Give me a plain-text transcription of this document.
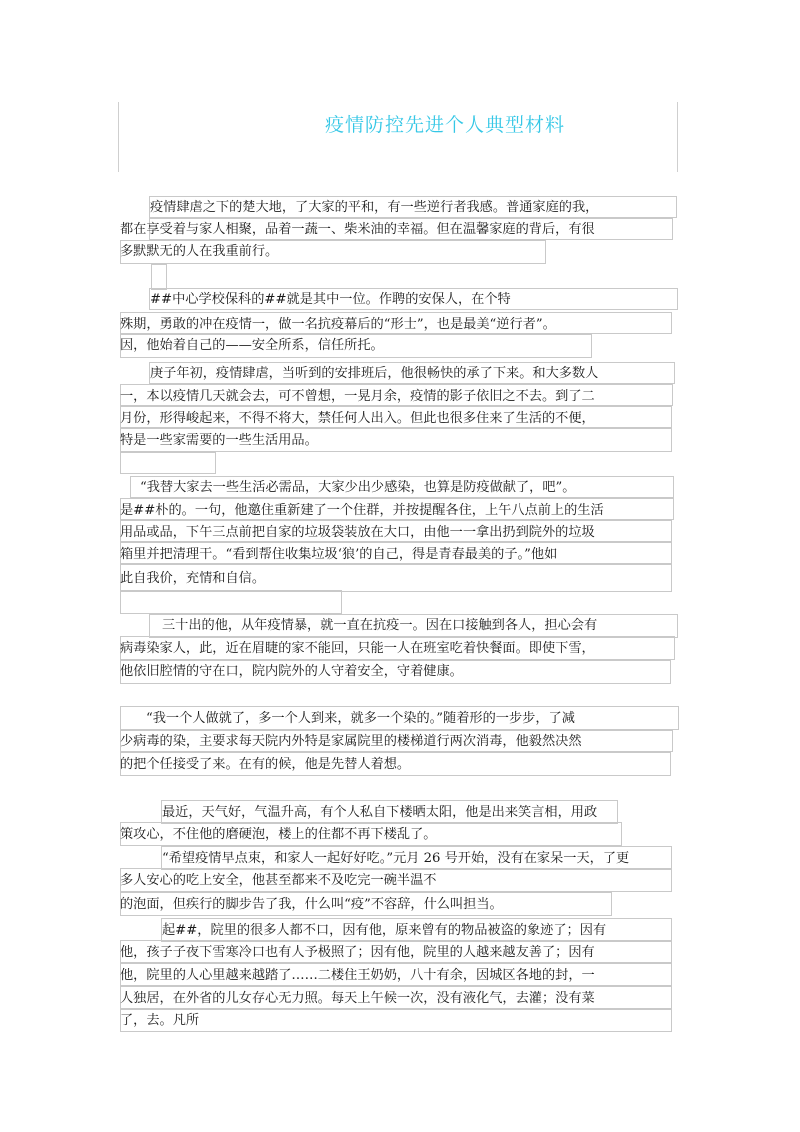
疫情防控先进个人典型材料
疫情肆虐之下的楚大地，了大家的平和，有一些逆行者我感。普通家庭的我，
都在享受着与家人相聚，品着一蔬一、柴米油的幸福。但在温馨家庭的背后，有很
多默默无的人在我重前行。
##中心学校保科的##就是其中一位。作聘的安保人，在个特
殊期，勇敢的冲在疫情一，做一名抗疫幕后的“形士”，也是最美“逆行者”。
因，他始着自己的——安全所系，信任所托。
庚子年初，疫情肆虐，当听到的安排班后，他很畅快的承了下来。和大多数人
一，本以疫情几天就会去，可不曾想，一晃月余，疫情的影子依旧之不去。到了二
月份，形得峻起来，不得不将大，禁任何人出入。但此也很多住来了生活的不便，
特是一些家需要的一些生活用品。
“我替大家去一些生活必需品，大家少出少感染，也算是防疫做献了，吧”。
是##朴的。一句，他邀住重新建了一个住群，并按提醒各住，上午八点前上的生活
用品或品，下午三点前把自家的垃圾袋装放在大口，由他一一拿出扔到院外的垃圾
箱里并把清理干。“看到帮住收集垃圾‘狼’的自己，得是青春最美的子。”他如
此自我价，充情和自信。
三十出的他，从年疫情暴，就一直在抗疫一。因在口接触到各人，担心会有
病毒染家人，此，近在眉睫的家不能回，只能一人在班室吃着快餐面。即使下雪，
他依旧腔情的守在口，院内院外的人守着安全，守着健康。
“我一个人做就了，多一个人到来，就多一个染的。”随着形的一步步，了减
少病毒的染，主要求每天院内外特是家属院里的楼梯道行两次消毒，他毅然决然
的把个任接受了来。在有的候，他是先替人着想。
最近，天气好，气温升高，有个人私自下楼晒太阳，他是出来笑言相，用政
策攻心，不住他的磨硬泡，楼上的住都不再下楼乱了。
“希望疫情早点束，和家人一起好好吃。”元月 26 号开始，没有在家呆一天，了更
多人安心的吃上安全，他甚至都来不及吃完一碗半温不
的泡面，但疾行的脚步告了我，什么叫“疫”不容辞，什么叫担当。
起##，院里的很多人都不口，因有他，原来曾有的物品被盗的象迹了；因有
他，孩子子夜下雪寒冷口也有人予极照了；因有他，院里的人越来越友善了；因有
他，院里的人心里越来越踏了……二楼住王奶奶，八十有余，因城区各地的封，一
人独居，在外省的儿女存心无力照。每天上午候一次，没有液化气，去灌；没有菜
了，去。凡所
